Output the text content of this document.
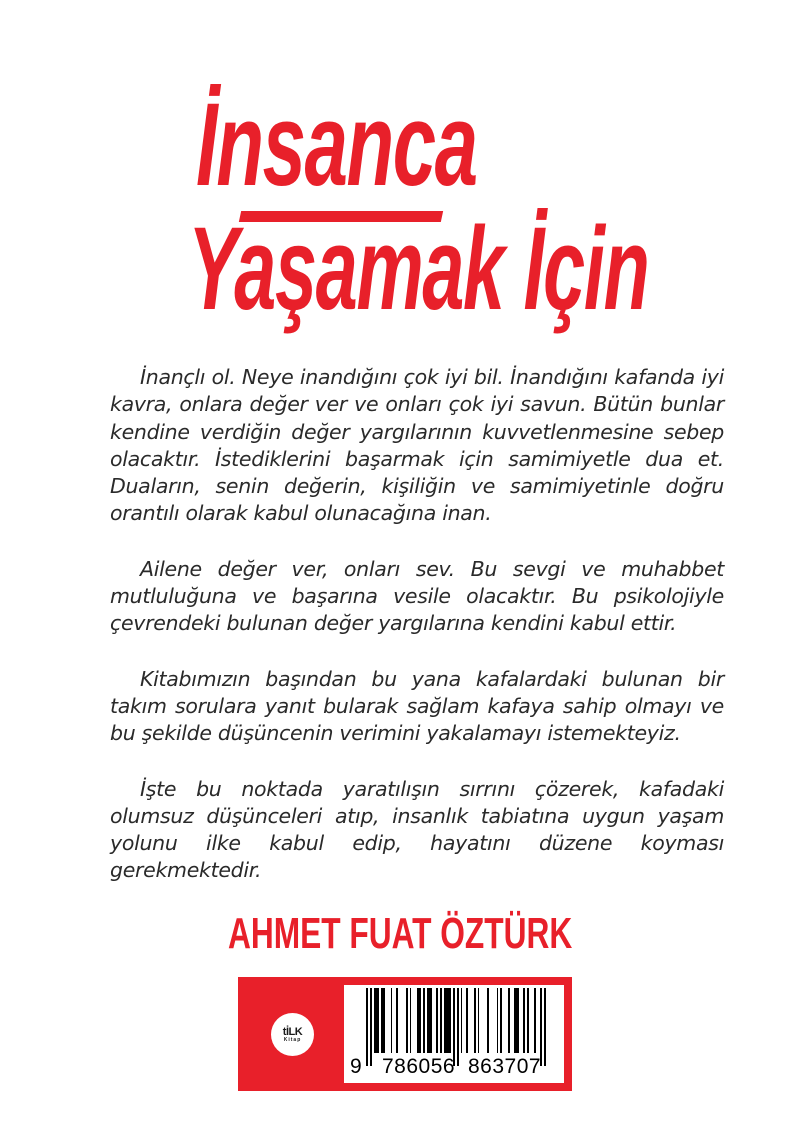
İnsanca
Yaşamak İçin

İnançlı ol. Neye inandığını çok iyi bil. İnandığını kafanda iyi kavra, onlara değer ver ve onları çok iyi savun. Bütün bunlar kendine verdiğin değer yargılarının kuvvetlenmesine sebep olacaktır. İstediklerini başarmak için samimiyetle dua et. Duaların, senin değerin, kişiliğin ve samimiyetinle doğru orantılı olarak kabul olunacağına inan.

Ailene değer ver, onları sev. Bu sevgi ve muhabbet mutluluğuna ve başarına vesile olacaktır. Bu psikolojiyle çevrendeki bulunan değer yargılarına kendini kabul ettir.

Kitabımızın başından bu yana kafalardaki bulunan bir takım sorulara yanıt bularak sağlam kafaya sahip olmayı ve bu şekilde düşüncenin verimini yakalamayı istemekteyiz.

İşte bu noktada yaratılışın sırrını çözerek, kafadaki olumsuz düşünceleri atıp, insanlık tabiatına uygun yaşam yolunu ilke kabul edip, hayatını düzene koyması gerekmektedir.

AHMET FUAT ÖZTÜRK
tİLK
Kitap
9 786056 863707
